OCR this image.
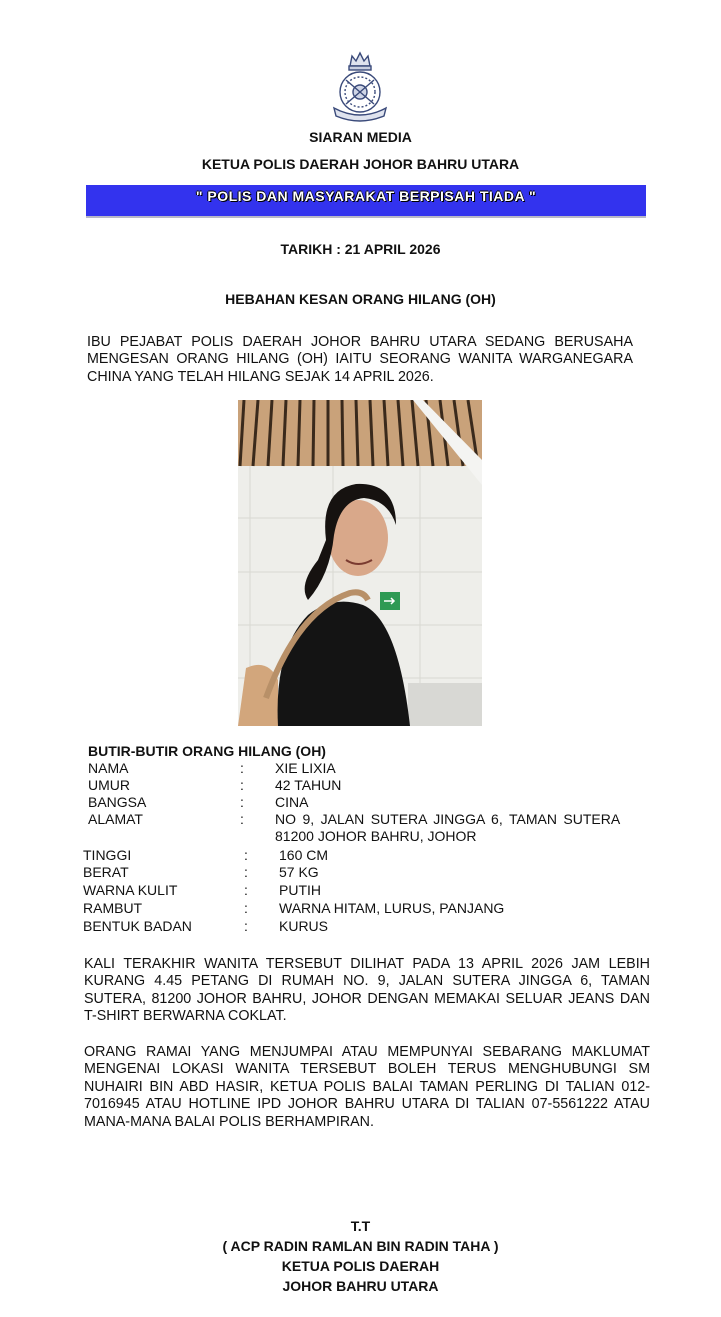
SIARAN MEDIA
KETUA POLIS DAERAH JOHOR BAHRU UTARA
" POLIS DAN MASYARAKAT BERPISAH TIADA "
TARIKH : 21 APRIL 2026
HEBAHAN KESAN ORANG HILANG (OH)
IBU PEJABAT POLIS DAERAH JOHOR BAHRU UTARA SEDANG BERUSAHA MENGESAN ORANG HILANG (OH) IAITU SEORANG WANITA WARGANEGARA CHINA YANG TELAH HILANG SEJAK 14 APRIL 2026.
BUTIR-BUTIR ORANG HILANG (OH)
NAMA	: XIE LIXIA
UMUR	: 42 TAHUN
BANGSA	: CINA
ALAMAT	: NO 9, JALAN SUTERA JINGGA 6, TAMAN SUTERA
81200 JOHOR BAHRU, JOHOR
TINGGI	: 160 CM
BERAT	: 57 KG
WARNA KULIT	: PUTIH
RAMBUT	: WARNA HITAM, LURUS, PANJANG
BENTUK BADAN	: KURUS
KALI TERAKHIR WANITA TERSEBUT DILIHAT PADA 13 APRIL 2026 JAM LEBIH KURANG 4.45 PETANG DI RUMAH NO. 9, JALAN SUTERA JINGGA 6, TAMAN SUTERA, 81200 JOHOR BAHRU, JOHOR DENGAN MEMAKAI SELUAR JEANS DAN T-SHIRT BERWARNA COKLAT.
ORANG RAMAI YANG MENJUMPAI ATAU MEMPUNYAI SEBARANG MAKLUMAT MENGENAI LOKASI WANITA TERSEBUT BOLEH TERUS MENGHUBUNGI SM NUHAIRI BIN ABD HASIR, KETUA POLIS BALAI TAMAN PERLING DI TALIAN 012-7016945 ATAU HOTLINE IPD JOHOR BAHRU UTARA DI TALIAN 07-5561222 ATAU MANA-MANA BALAI POLIS BERHAMPIRAN.
T.T
( ACP RADIN RAMLAN BIN RADIN TAHA )
KETUA POLIS DAERAH
JOHOR BAHRU UTARA
